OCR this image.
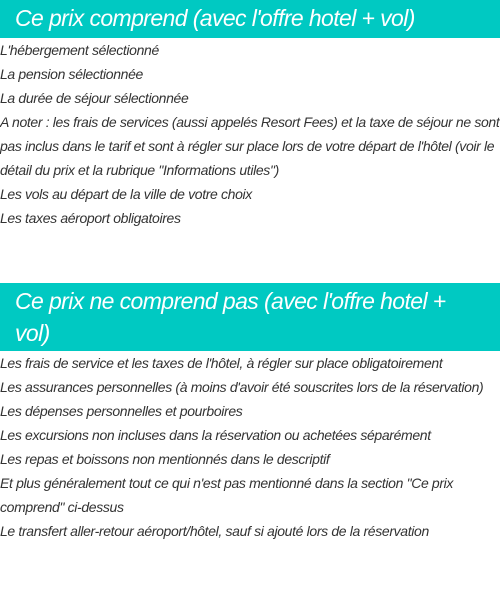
Ce prix comprend (avec l'offre hotel + vol)
L'hébergement sélectionné
La pension sélectionnée
La durée de séjour sélectionnée
A noter : les frais de services (aussi appelés Resort Fees) et la taxe de séjour ne sont pas inclus dans le tarif et sont à régler sur place lors de votre départ de l'hôtel (voir le détail du prix et la rubrique "Informations utiles")
Les vols au départ de la ville de votre choix
Les taxes aéroport obligatoires
Ce prix ne comprend pas (avec l'offre hotel + vol)
Les frais de service et les taxes de l'hôtel, à régler sur place obligatoirement
Les assurances personnelles (à moins d'avoir été souscrites lors de la réservation)
Les dépenses personnelles et pourboires
Les excursions non incluses dans la réservation ou achetées séparément
Les repas et boissons non mentionnés dans le descriptif
Et plus généralement tout ce qui n'est pas mentionné dans la section "Ce prix comprend" ci-dessus
Le transfert aller-retour aéroport/hôtel, sauf si ajouté lors de la réservation
